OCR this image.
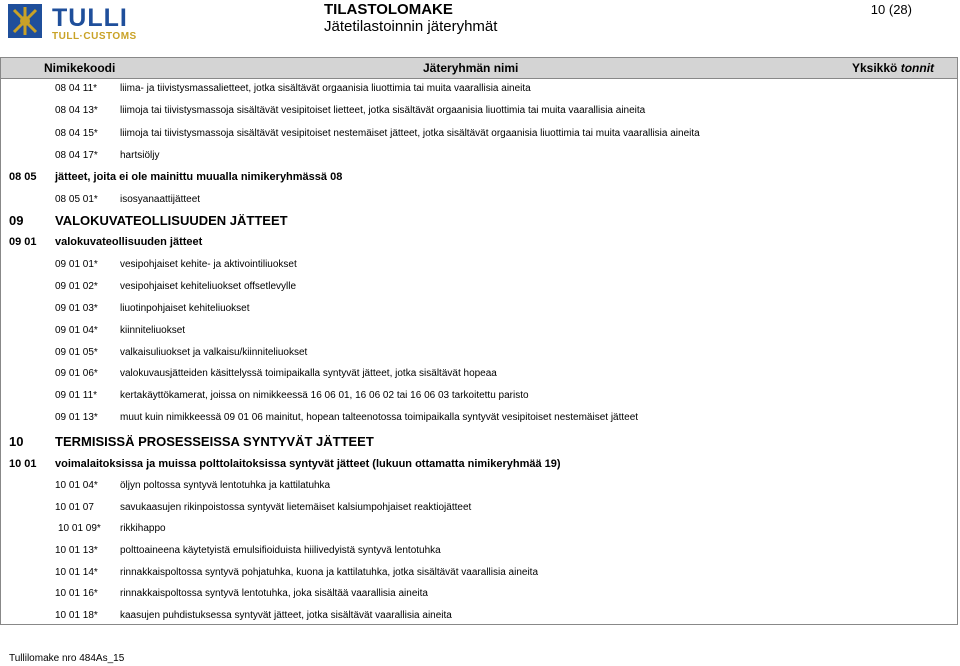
TULLI
TULL·CUSTOMS
TILASTOLOMAKE
Jätetilastoinnin jäteryhmät
10 (28)
Nimikekoodi	Jäteryhmän nimi	Yksikkö tonnit
08 04 11* liima- ja tiivistysmassalietteet, jotka sisältävät orgaanisia liuottimia tai muita vaarallisia aineita
08 04 13* liimoja tai tiivistysmassoja sisältävät vesipitoiset lietteet, jotka sisältävät orgaanisia liuottimia tai muita vaarallisia aineita
08 04 15* liimoja tai tiivistysmassoja sisältävät vesipitoiset nestemäiset jätteet, jotka sisältävät orgaanisia liuottimia tai muita vaarallisia aineita
08 04 17* hartsiöljy
08 05 jätteet, joita ei ole mainittu muualla nimikeryhmässä 08
08 05 01* isosyanaattijätteet
09 VALOKUVATEOLLISUUDEN JÄTTEET
09 01 valokuvateollisuuden jätteet
09 01 01* vesipohjaiset kehite- ja aktivointiliuokset
09 01 02* vesipohjaiset kehiteliuokset offsetlevylle
09 01 03* liuotinpohjaiset kehiteliuokset
09 01 04* kiinniteliuokset
09 01 05* valkaisuliuokset ja valkaisu/kiinniteliuokset
09 01 06* valokuvausjätteiden käsittelyssä toimipaikalla syntyvät jätteet, jotka sisältävät hopeaa
09 01 11* kertakäyttökamerat, joissa on nimikkeessä 16 06 01, 16 06 02 tai 16 06 03 tarkoitettu paristo
09 01 13* muut kuin nimikkeessä 09 01 06 mainitut, hopean talteenotossa toimipaikalla syntyvät vesipitoiset nestemäiset jätteet
10 TERMISISSÄ PROSESSEISSA SYNTYVÄT JÄTTEET
10 01 voimalaitoksissa ja muissa polttolaitoksissa syntyvät jätteet (lukuun ottamatta nimikeryhmää 19)
10 01 04* öljyn poltossa syntyvä lentotuhka ja kattilatuhka
10 01 07	savukaasujen rikinpoistossa syntyvät lietemäiset kalsiumpohjaiset reaktiojätteet
10 01 09* rikkihappo
10 01 13* polttoaineena käytetyistä emulsifioiduista hiilivedyistä syntyvä lentotuhka
10 01 14* rinnakkaispoltossa syntyvä pohjatuhka, kuona ja kattilatuhka, jotka sisältävät vaarallisia aineita
10 01 16* rinnakkaispoltossa syntyvä lentotuhka, joka sisältää vaarallisia aineita
10 01 18* kaasujen puhdistuksessa syntyvät jätteet, jotka sisältävät vaarallisia aineita
Tullilomake nro 484As_15
